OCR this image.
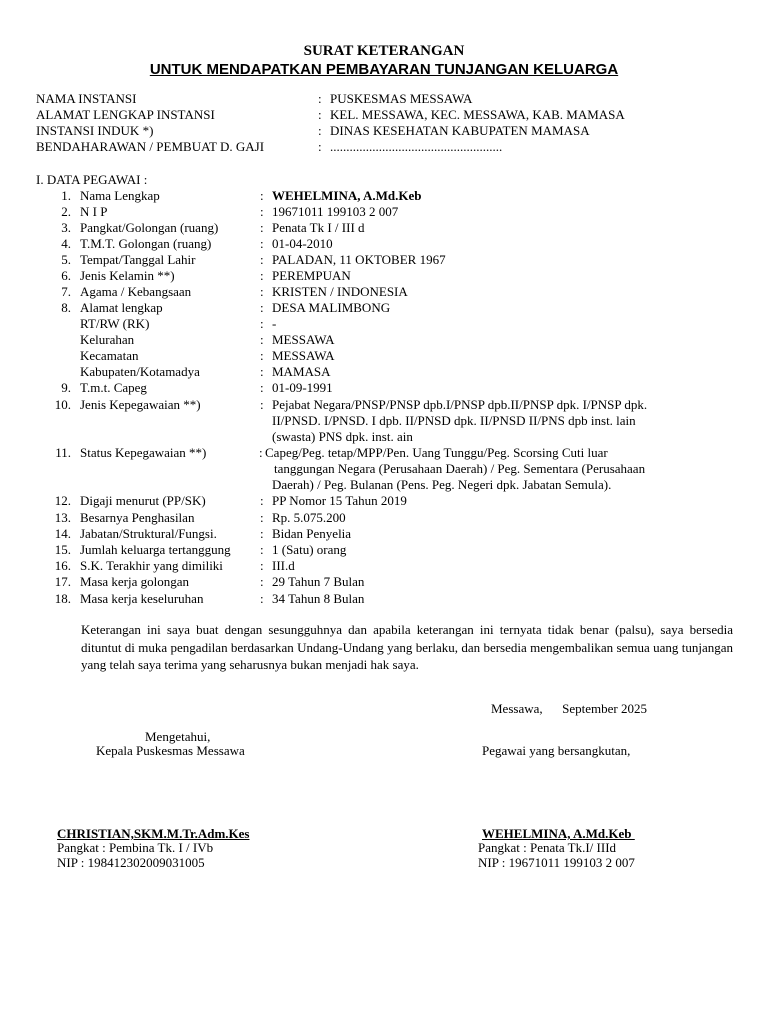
SURAT KETERANGAN
UNTUK MENDAPATKAN PEMBAYARAN TUNJANGAN KELUARGA
NAMA INSTANSI	: PUSKESMAS MESSAWA
ALAMAT LENGKAP INSTANSI	: KEL. MESSAWA, KEC. MESSAWA, KAB. MAMASA
INSTANSI INDUK *)	: DINAS KESEHATAN KABUPATEN MAMASA
BENDAHARAWAN / PEMBUAT D. GAJI	: .....................................................
I. DATA PEGAWAI :
1. Nama Lengkap	: WEHELMINA, A.Md.Keb
2. N I P	: 19671011 199103 2 007
3. Pangkat/Golongan (ruang)	: Penata Tk I / III d
4. T.M.T. Golongan (ruang)	: 01-04-2010
5. Tempat/Tanggal Lahir	: PALADAN, 11 OKTOBER 1967
6. Jenis Kelamin **)	: PEREMPUAN
7. Agama / Kebangsaan	: KRISTEN / INDONESIA
8. Alamat lengkap	: DESA MALIMBONG
RT/RW (RK)	: -
Kelurahan	: MESSAWA
Kecamatan	: MESSAWA
Kabupaten/Kotamadya	: MAMASA
9. T.m.t. Capeg	: 01-09-1991
10. Jenis Kepegawaian **)	: Pejabat Negara/PNSP/PNSP dpb.I/PNSP dpb.II/PNSP dpk. I/PNSP dpk.
II/PNSD. I/PNSD. I dpb. II/PNSD dpk. II/PNSD II/PNS dpb inst. lain
(swasta) PNS dpk. inst. ain
11. Status Kepegawaian **)	: Capeg/Peg. tetap/MPP/Pen. Uang Tunggu/Peg. Scorsing Cuti luar
tanggungan Negara (Perusahaan Daerah) / Peg. Sementara (Perusahaan
Daerah) / Peg. Bulanan (Pens. Peg. Negeri dpk. Jabatan Semula).
12. Digaji menurut (PP/SK)	: PP Nomor 15 Tahun 2019
13. Besarnya Penghasilan	: Rp. 5.075.200
14. Jabatan/Struktural/Fungsi.	: Bidan Penyelia
15. Jumlah keluarga tertanggung : 1 (Satu) orang
16. S.K. Terakhir yang dimiliki	: III.d
17. Masa kerja golongan	: 29 Tahun 7 Bulan
18. Masa kerja keseluruhan	: 34 Tahun 8 Bulan
Keterangan ini saya buat dengan sesungguhnya dan apabila keterangan ini ternyata tidak benar (palsu), saya bersedia dituntut di muka pengadilan berdasarkan Undang-Undang yang berlaku, dan bersedia mengembalikan semua uang tunjangan yang telah saya terima yang seharusnya bukan menjadi hak saya.
Messawa,      September 2025
Mengetahui,
Kepala Puskesmas Messawa
CHRISTIAN,SKM.M.Tr.Adm.Kes
Pangkat : Pembina Tk. I / IVb
NIP : 198412302009031005
Pegawai yang bersangkutan,
WEHELMINA, A.Md.Keb
Pangkat : Penata Tk.I/ IIId
NIP : 19671011 199103 2 007
